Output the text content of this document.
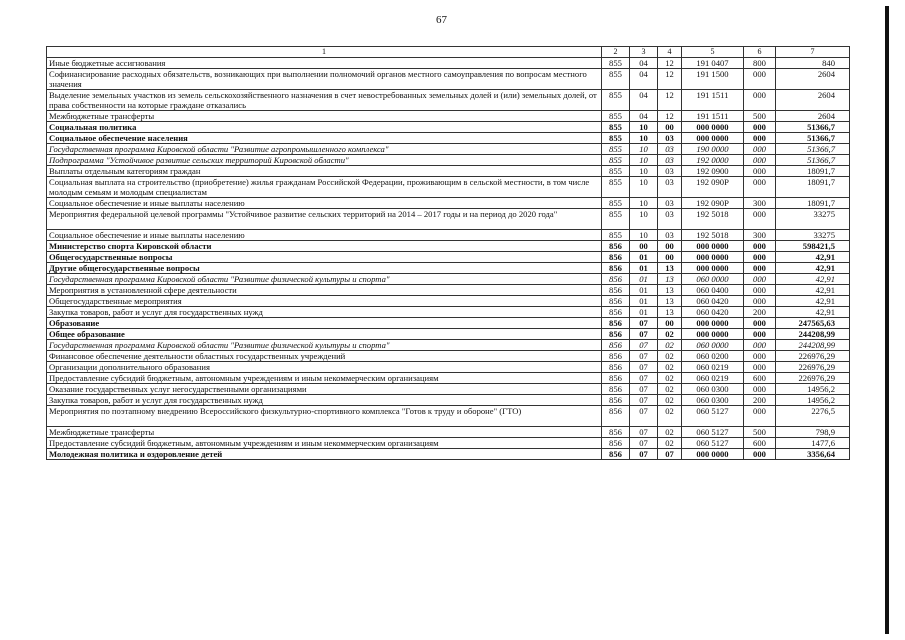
67
1	2	3	4	5	6	7
Иные бюджетные ассигнования	855	04	12	191 0407	800	840
Софинансирование расходных обязательств, возникающих при выполнении полномочий органов местного самоуправления по вопросам местного значения	855	04	12	191 1500	000	2604
Выделение земельных участков из земель сельскохозяйственного назначения в счет невостребованных земельных долей и (или) земельных долей, от права собственности на которые граждане отказались	855	04	12	191 1511	000	2604
Межбюджетные трансферты	855	04	12	191 1511	500	2604
Социальная политика	855	10	00	000 0000	000	51366,7
Социальное обеспечение населения	855	10	03	000 0000	000	51366,7
Государственная программа Кировской области "Развитие агропромышленного комплекса"	855	10	03	190 0000	000	51366,7
Подпрограмма "Устойчивое развитие сельских территорий Кировской области"	855	10	03	192 0000	000	51366,7
Выплаты отдельным категориям граждан	855	10	03	192 0900	000	18091,7
Социальная выплата на строительство (приобретение) жилья гражданам Российской Федерации, проживающим в сельской местности, в том числе молодым семьям и молодым специалистам	855	10	03	192 090Р	000	18091,7
Социальное обеспечение и иные выплаты населению	855	10	03	192 090Р	300	18091,7
Мероприятия федеральной целевой программы "Устойчивое развитие сельских территорий на 2014 – 2017 годы и на период до 2020 года"	855	10	03	192 5018	000	33275
Социальное обеспечение и иные выплаты населению	855	10	03	192 5018	300	33275
Министерство спорта Кировской области	856	00	00	000 0000	000	598421,5
Общегосударственные вопросы	856	01	00	000 0000	000	42,91
Другие общегосударственные вопросы	856	01	13	000 0000	000	42,91
Государственная программа Кировской области "Развитие физической культуры и спорта"	856	01	13	060 0000	000	42,91
Мероприятия в установленной сфере деятельности	856	01	13	060 0400	000	42,91
Общегосударственные мероприятия	856	01	13	060 0420	000	42,91
Закупка товаров, работ и услуг для государственных нужд	856	01	13	060 0420	200	42,91
Образование	856	07	00	000 0000	000	247565,63
Общее образование	856	07	02	000 0000	000	244208,99
Государственная программа Кировской области "Развитие физической культуры и спорта"	856	07	02	060 0000	000	244208,99
Финансовое обеспечение деятельности областных государственных учреждений	856	07	02	060 0200	000	226976,29
Организации дополнительного образования	856	07	02	060 0219	000	226976,29
Предоставление субсидий бюджетным, автономным учреждениям и иным некоммерческим организациям	856	07	02	060 0219	600	226976,29
Оказание государственных услуг негосударственными организациями	856	07	02	060 0300	000	14956,2
Закупка товаров, работ и услуг для государственных нужд	856	07	02	060 0300	200	14956,2
Мероприятия по поэтапному внедрению Всероссийского физкультурно-спортивного комплекса "Готов к труду и обороне" (ГТО)	856	07	02	060 5127	000	2276,5
Межбюджетные трансферты	856	07	02	060 5127	500	798,9
Предоставление субсидий бюджетным, автономным учреждениям и иным некоммерческим организациям	856	07	02	060 5127	600	1477,6
Молодежная политика и оздоровление детей	856	07	07	000 0000	000	3356,64
